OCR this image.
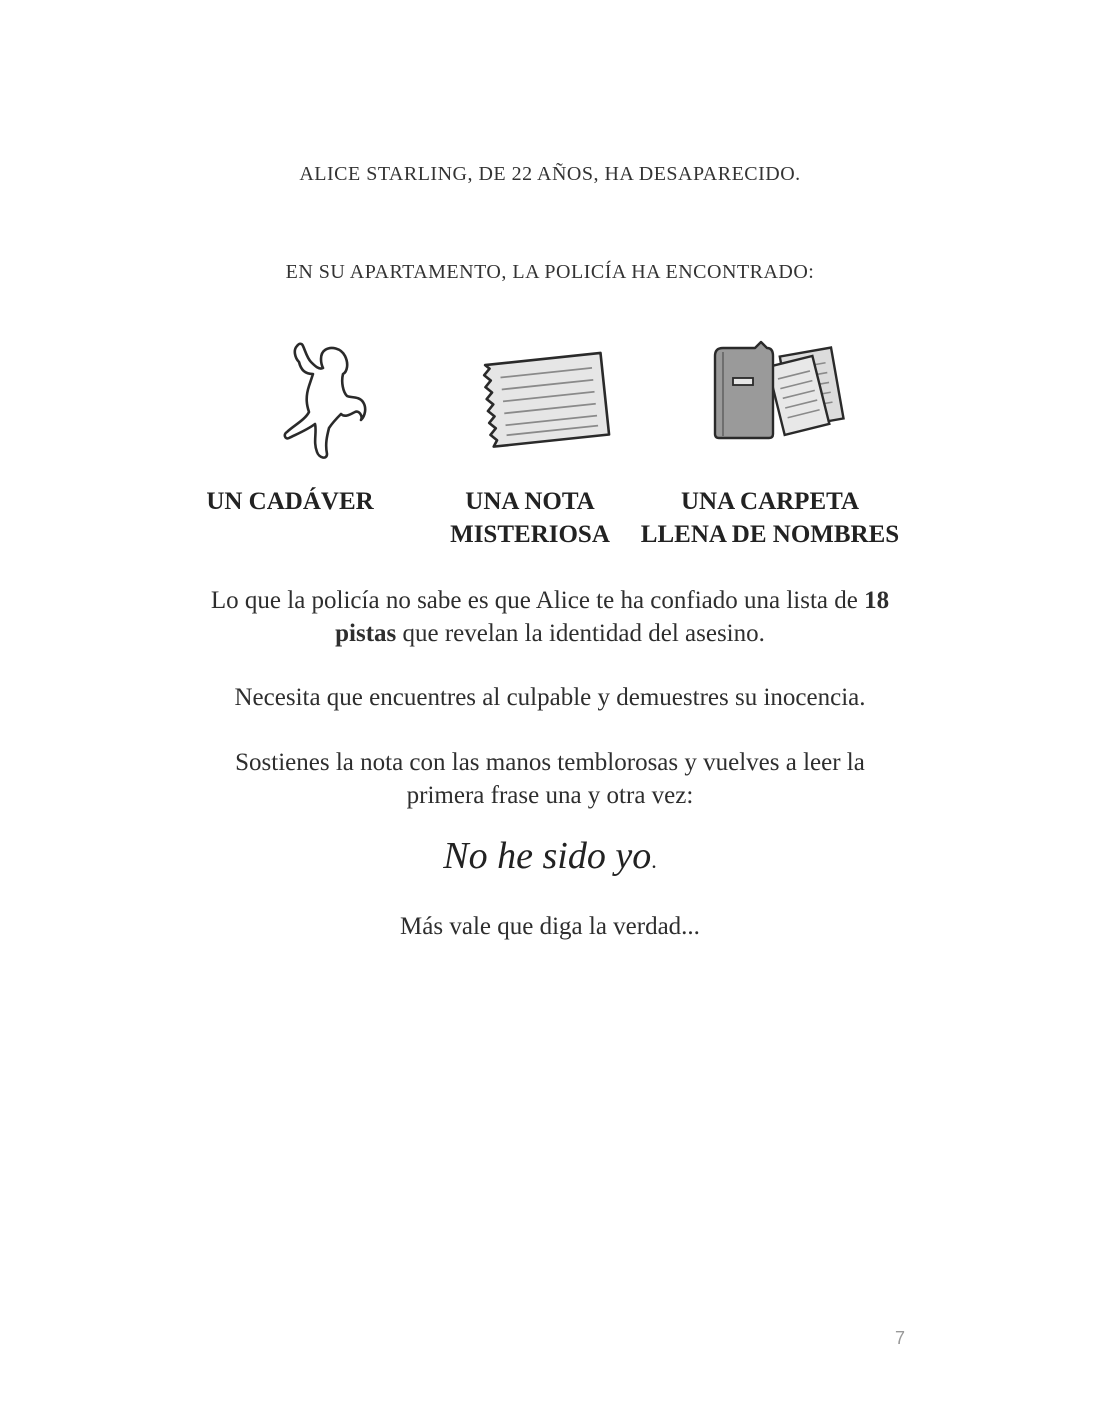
ALICE STARLING, DE 22 AÑOS, HA DESAPARECIDO.
EN SU APARTAMENTO, LA POLICÍA HA ENCONTRADO:
UN CADÁVER	UNA NOTA
MISTERIOSA
UNA CARPETA
LLENA DE NOMBRES
Lo que la policía no sabe es que Alice te ha confiado una lista de 18
pistas que revelan la identidad del asesino.
Necesita que encuentres al culpable y demuestres su inocencia.
Sostienes la nota con las manos temblorosas y vuelves a leer la
primera frase una y otra vez:
No he sido yo.
Más vale que diga la verdad...
7
